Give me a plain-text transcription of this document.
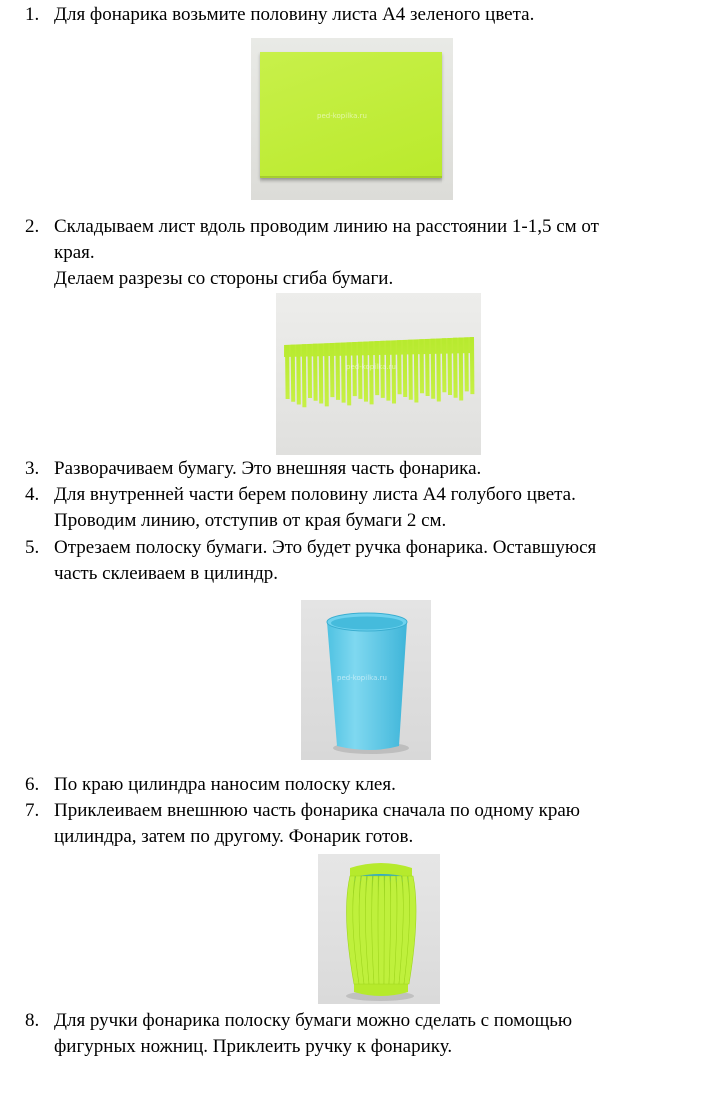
1. Для фонарика возьмите половину листа А4 зеленого цвета.
ped-kopilka.ru
2. Складываем лист вдоль проводим линию на расстоянии 1-1,5 см от
края.
Делаем разрезы со стороны сгиба бумаги.
ped-kopilka.ru
3. Разворачиваем бумагу. Это внешняя часть фонарика.
4. Для внутренней части берем половину листа А4 голубого цвета.
Проводим линию, отступив от края бумаги 2 см.
5. Отрезаем полоску бумаги. Это будет ручка фонарика. Оставшуюся
часть склеиваем в цилиндр.
ped-kopilka.ru
6. По краю цилиндра наносим полоску клея.
7. Приклеиваем внешнюю часть фонарика сначала по одному краю
цилиндра, затем по другому. Фонарик готов.
8. Для ручки фонарика полоску бумаги можно сделать с помощью
фигурных ножниц. Приклеить ручку к фонарику.
